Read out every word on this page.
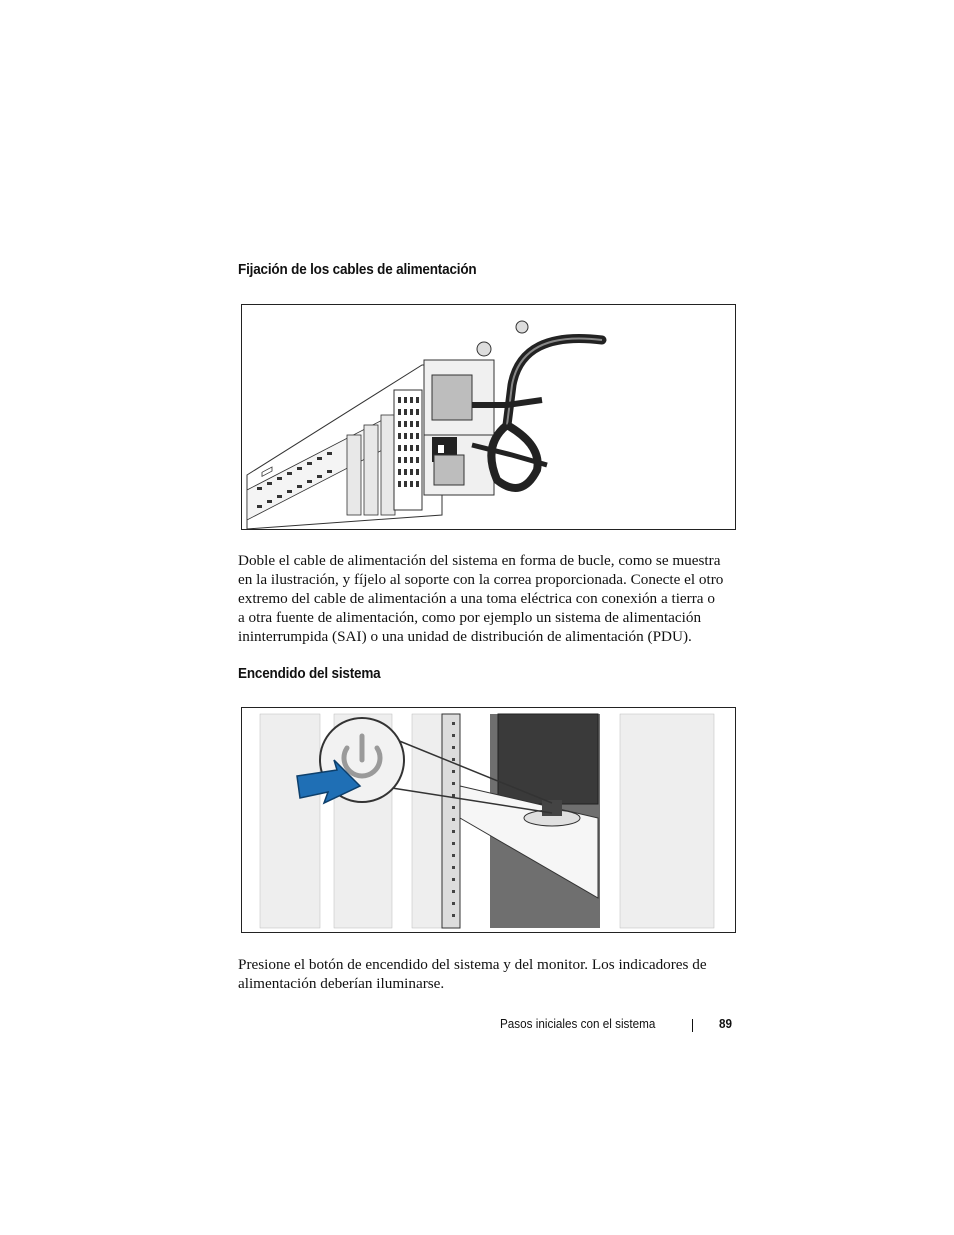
Fijación de los cables de alimentación
Doble el cable de alimentación del sistema en forma de bucle, como se muestra
en la ilustración, y fíjelo al soporte con la correa proporcionada. Conecte el otro
extremo del cable de alimentación a una toma eléctrica con conexión a tierra o
a otra fuente de alimentación, como por ejemplo un sistema de alimentación
ininterrumpida (SAI) o una unidad de distribución de alimentación (PDU).
Encendido del sistema
Presione el botón de encendido del sistema y del monitor. Los indicadores de
alimentación deberían iluminarse.
Pasos iniciales con el sistema	89
